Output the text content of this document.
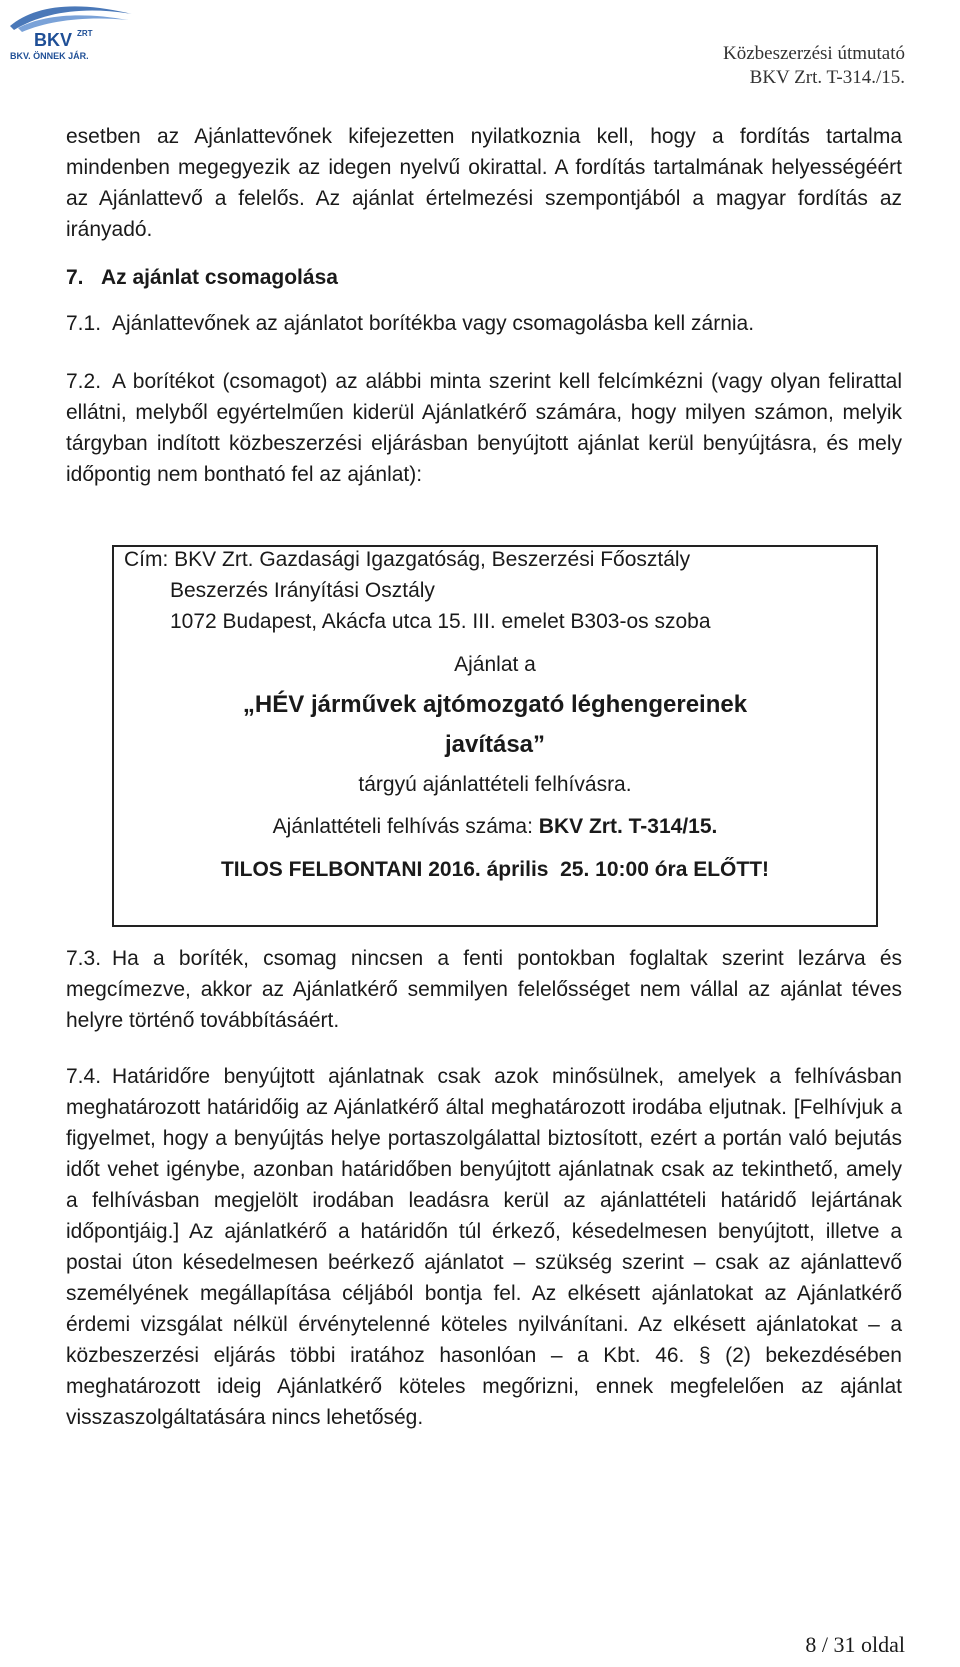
BKV ZRT
BKV. ÖNNEK JÁR.	Közbeszerzési útmutató
BKV Zrt. T-314./15.

esetben az Ajánlattevőnek kifejezetten nyilatkoznia kell, hogy a fordítás tartalma mindenben megegyezik az idegen nyelvű okirattal. A fordítás tartalmának helyességéért az Ajánlattevő a felelős. Az ajánlat értelmezési szempontjából a magyar fordítás az irányadó.

7. Az ajánlat csomagolása
7.1. Ajánlattevőnek az ajánlatot borítékba vagy csomagolásba kell zárnia.
7.2. A borítékot (csomagot) az alábbi minta szerint kell felcímkézni (vagy olyan felirattal ellátni, melyből egyértelműen kiderül Ajánlatkérő számára, hogy milyen számon, melyik tárgyban indított közbeszerzési eljárásban benyújtott ajánlat kerül benyújtásra, és mely időpontig nem bontható fel az ajánlat):
Cím: BKV Zrt. Gazdasági Igazgatóság, Beszerzési Főosztály
Beszerzés Irányítási Osztály
1072 Budapest, Akácfa utca 15. III. emelet B303-os szoba
Ajánlat a
„HÉV járművek ajtómozgató léghengereinek
javítása”
tárgyú ajánlattételi felhívásra.
Ajánlattételi felhívás száma: BKV Zrt. T-314/15.
TILOS FELBONTANI 2016. április  25. 10:00 óra ELŐTT!
7.3. Ha a boríték, csomag nincsen a fenti pontokban foglaltak szerint lezárva és megcímezve, akkor az Ajánlatkérő semmilyen felelősséget nem vállal az ajánlat téves helyre történő továbbításáért.
7.4. Határidőre benyújtott ajánlatnak csak azok minősülnek, amelyek a felhívásban meghatározott határidőig az Ajánlatkérő által meghatározott irodába eljutnak. [Felhívjuk a figyelmet, hogy a benyújtás helye portaszolgálattal biztosított, ezért a portán való bejutás időt vehet igénybe, azonban határidőben benyújtott ajánlatnak csak az tekinthető, amely a felhívásban megjelölt irodában leadásra kerül az ajánlattételi határidő lejártának időpontjáig.] Az ajánlatkérő a határidőn túl érkező, késedelmesen benyújtott, illetve a postai úton késedelmesen beérkező ajánlatot – szükség szerint – csak az ajánlattevő személyének megállapítása céljából bontja fel. Az elkésett ajánlatokat az Ajánlatkérő érdemi vizsgálat nélkül érvénytelenné köteles nyilvánítani. Az elkésett ajánlatokat – a közbeszerzési eljárás többi iratához hasonlóan – a Kbt. 46. § (2) bekezdésében meghatározott ideig Ajánlatkérő köteles megőrizni, ennek megfelelően az ajánlat visszaszolgáltatására nincs lehetőség.
8 / 31 oldal
